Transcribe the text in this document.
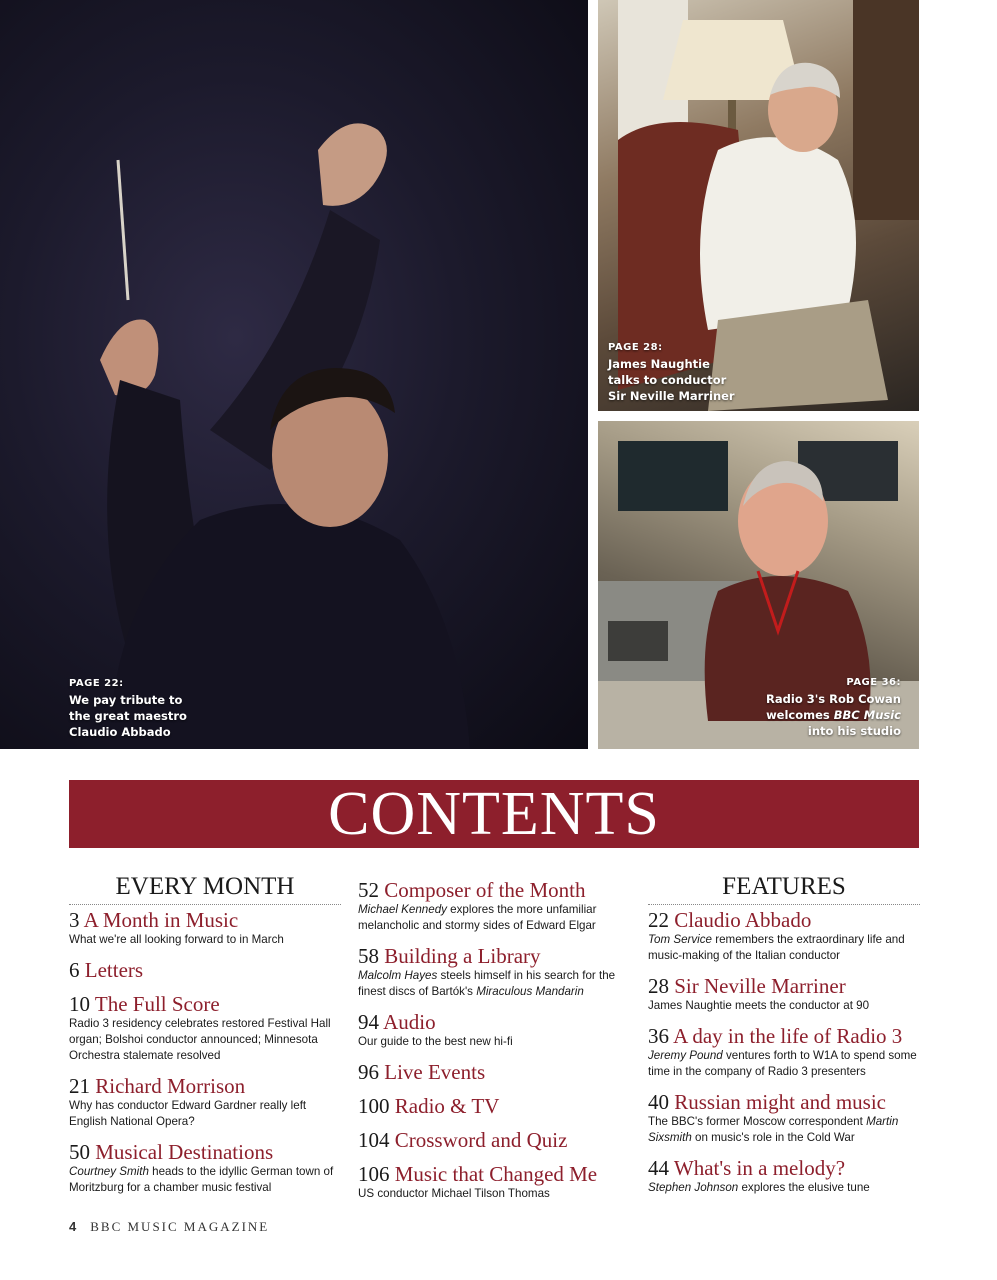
PAGE 22:
We pay tribute to
the great maestro
Claudio Abbado
PAGE 28:
James Naughtie
talks to conductor
Sir Neville Marriner
PAGE 36:
Radio 3's Rob Cowan
welcomes BBC Music
into his studio
CONTENTS
EVERY MONTH
3 A Month in Music
What we're all looking forward to in March
6 Letters
10 The Full Score
Radio 3 residency celebrates restored Festival Hall organ; Bolshoi conductor announced; Minnesota Orchestra stalemate resolved
21 Richard Morrison
Why has conductor Edward Gardner really left English National Opera?
50 Musical Destinations
Courtney Smith heads to the idyllic German town of Moritzburg for a chamber music festival
52 Composer of the Month
Michael Kennedy explores the more unfamiliar melancholic and stormy sides of Edward Elgar
58 Building a Library
Malcolm Hayes steels himself in his search for the finest discs of Bartók's Miraculous Mandarin
94 Audio
Our guide to the best new hi-fi
96 Live Events
100 Radio & TV
104 Crossword and Quiz
106 Music that Changed Me
US conductor Michael Tilson Thomas
FEATURES
22 Claudio Abbado
Tom Service remembers the extraordinary life and music-making of the Italian conductor
28 Sir Neville Marriner
James Naughtie meets the conductor at 90
36 A day in the life of Radio 3
Jeremy Pound ventures forth to W1A to spend some time in the company of Radio 3 presenters
40 Russian might and music
The BBC's former Moscow correspondent Martin Sixsmith on music's role in the Cold War
44 What's in a melody?
Stephen Johnson explores the elusive tune
4 BBC MUSIC MAGAZINE
